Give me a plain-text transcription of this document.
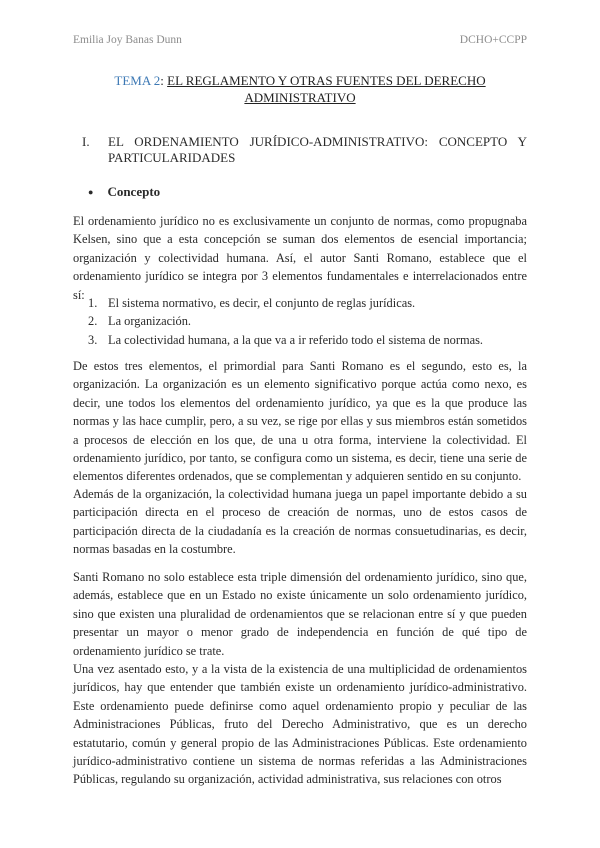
Emilia Joy Banas Dunn	DCHO+CCPP
TEMA 2: EL REGLAMENTO Y OTRAS FUENTES DEL DERECHO
ADMINISTRATIVO
I.	EL ORDENAMIENTO JURÍDICO-ADMINISTRATIVO: CONCEPTO Y PARTICULARIDADES
● Concepto

El ordenamiento jurídico no es exclusivamente un conjunto de normas, como propugnaba Kelsen, sino que a esta concepción se suman dos elementos de esencial importancia; organización y colectividad humana. Así, el autor Santi Romano, establece que el ordenamiento jurídico se integra por 3 elementos fundamentales e interrelacionados entre sí:

1. El sistema normativo, es decir, el conjunto de reglas jurídicas.
2. La organización.
3. La colectividad humana, a la que va a ir referido todo el sistema de normas.

De estos tres elementos, el primordial para Santi Romano es el segundo, esto es, la organización. La organización es un elemento significativo porque actúa como nexo, es decir, une todos los elementos del ordenamiento jurídico, ya que es la que produce las normas y las hace cumplir, pero, a su vez, se rige por ellas y sus miembros están sometidos a procesos de elección en los que, de una u otra forma, interviene la colectividad. El ordenamiento jurídico, por tanto, se configura como un sistema, es decir, tiene una serie de elementos diferentes ordenados, que se complementan y adquieren sentido en su conjunto.

Además de la organización, la colectividad humana juega un papel importante debido a su participación directa en el proceso de creación de normas, uno de estos casos de participación directa de la ciudadanía es la creación de normas consuetudinarias, es decir, normas basadas en la costumbre.

Santi Romano no solo establece esta triple dimensión del ordenamiento jurídico, sino que, además, establece que en un Estado no existe únicamente un solo ordenamiento jurídico, sino que existen una pluralidad de ordenamientos que se relacionan entre sí y que pueden presentar un mayor o menor grado de independencia en función de qué tipo de ordenamiento jurídico se trate.

Una vez asentado esto, y a la vista de la existencia de una multiplicidad de ordenamientos jurídicos, hay que entender que también existe un ordenamiento jurídico-administrativo. Este ordenamiento puede definirse como aquel ordenamiento propio y peculiar de las Administraciones Públicas, fruto del Derecho Administrativo, que es un derecho estatutario, común y general propio de las Administraciones Públicas. Este ordenamiento jurídico-administrativo contiene un sistema de normas referidas a las Administraciones Públicas, regulando su organización, actividad administrativa, sus relaciones con otros
